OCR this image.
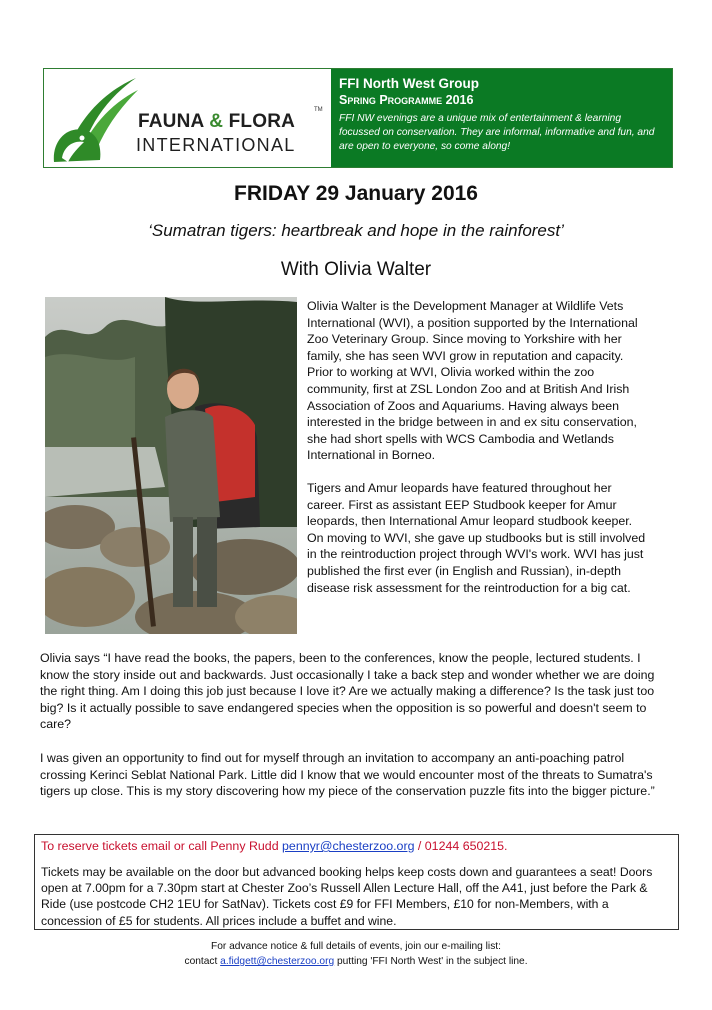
FAUNA & FLORA
TM
INTERNATIONAL
FFI North West Group
Spring Programme 2016
FFI NW evenings are a unique mix of entertainment & learning focussed on conservation. They are informal, informative and fun, and are open to everyone, so come along!
FRIDAY 29 January 2016
‘Sumatran tigers: heartbreak and hope in the rainforest’
With Olivia Walter

Olivia Walter is the Development Manager at Wildlife Vets International (WVI), a position supported by the International Zoo Veterinary Group. Since moving to Yorkshire with her family, she has seen WVI grow in reputation and capacity. Prior to working at WVI, Olivia worked within the zoo community, first at ZSL London Zoo and at British And Irish Association of Zoos and Aquariums. Having always been interested in the bridge between in and ex situ conservation, she had short spells with WCS Cambodia and Wetlands International in Borneo.

Tigers and Amur leopards have featured throughout her career. First as assistant EEP Studbook keeper for Amur leopards, then International Amur leopard studbook keeper. On moving to WVI, she gave up studbooks but is still involved in the reintroduction project through WVI's work. WVI has just published the first ever (in English and Russian), in-depth disease risk assessment for the reintroduction for a big cat.

Olivia says “I have read the books, the papers, been to the conferences, know the people, lectured students. I know the story inside out and backwards. Just occasionally I take a back step and wonder whether we are doing the right thing. Am I doing this job just because I love it? Are we actually making a difference? Is the task just too big? Is it actually possible to save endangered species when the opposition is so powerful and doesn't seem to care?

I was given an opportunity to find out for myself through an invitation to accompany an anti-poaching patrol crossing Kerinci Seblat National Park. Little did I know that we would encounter most of the threats to Sumatra's tigers up close. This is my story discovering how my piece of the conservation puzzle fits into the bigger picture.”

To reserve tickets email or call Penny Rudd pennyr@chesterzoo.org / 01244 650215.
Tickets may be available on the door but advanced booking helps keep costs down and guarantees a seat! Doors open at 7.00pm for a 7.30pm start at Chester Zoo’s Russell Allen Lecture Hall, off the A41, just before the Park & Ride (use postcode CH2 1EU for SatNav). Tickets cost £9 for FFI Members, £10 for non-Members, with a concession of £5 for students. All prices include a buffet and wine.
For advance notice & full details of events, join our e-mailing list:
contact a.fidgett@chesterzoo.org putting 'FFI North West' in the subject line.
